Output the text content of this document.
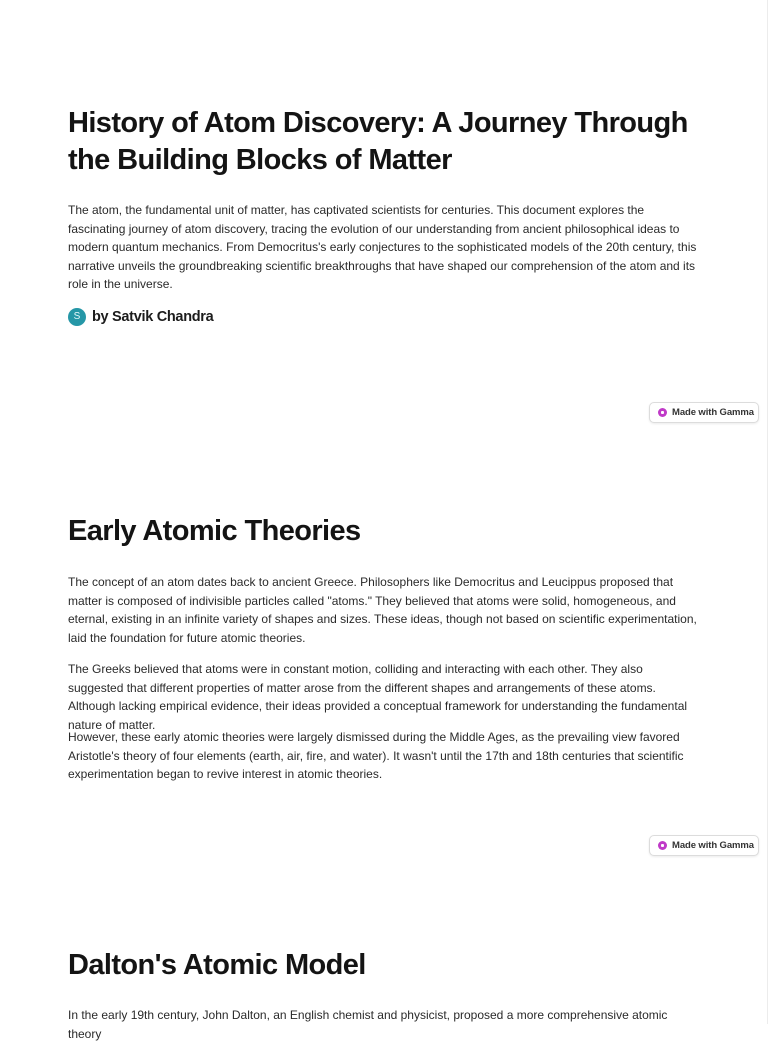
History of Atom Discovery: A Journey Through the Building Blocks of Matter

The atom, the fundamental unit of matter, has captivated scientists for centuries. This document explores the fascinating journey of atom discovery, tracing the evolution of our understanding from ancient philosophical ideas to modern quantum mechanics. From Democritus's early conjectures to the sophisticated models of the 20th century, this narrative unveils the groundbreaking scientific breakthroughs that have shaped our comprehension of the atom and its role in the universe.

S by Satvik Chandra
Made with Gamma
Early Atomic Theories

The concept of an atom dates back to ancient Greece. Philosophers like Democritus and Leucippus proposed that matter is composed of indivisible particles called "atoms." They believed that atoms were solid, homogeneous, and eternal, existing in an infinite variety of shapes and sizes. These ideas, though not based on scientific experimentation, laid the foundation for future atomic theories.

The Greeks believed that atoms were in constant motion, colliding and interacting with each other. They also suggested that different properties of matter arose from the different shapes and arrangements of these atoms. Although lacking empirical evidence, their ideas provided a conceptual framework for understanding the fundamental nature of matter.

However, these early atomic theories were largely dismissed during the Middle Ages, as the prevailing view favored Aristotle's theory of four elements (earth, air, fire, and water). It wasn't until the 17th and 18th centuries that scientific experimentation began to revive interest in atomic theories.

Made with Gamma
Dalton's Atomic Model

In the early 19th century, John Dalton, an English chemist and physicist, proposed a more comprehensive atomic theory
